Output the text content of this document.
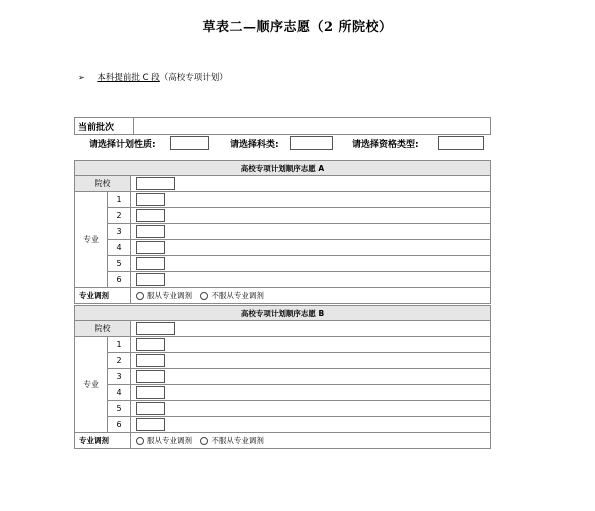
草表二—顺序志愿（2 所院校）
➢ 本科提前批 C 段（高校专项计划）
当前批次	
请选择计划性质:	请选择科类:	请选择资格类型:
高校专项计划顺序志愿 A		
院校		
专业	1	
	2	
	3	
	4	
	5	
	6	
专业调剂		服从专业调剂 不服从专业调剂
高校专项计划顺序志愿 B		
院校		
专业	1	
	2	
	3	
	4	
	5	
	6	
专业调剂		服从专业调剂 不服从专业调剂
